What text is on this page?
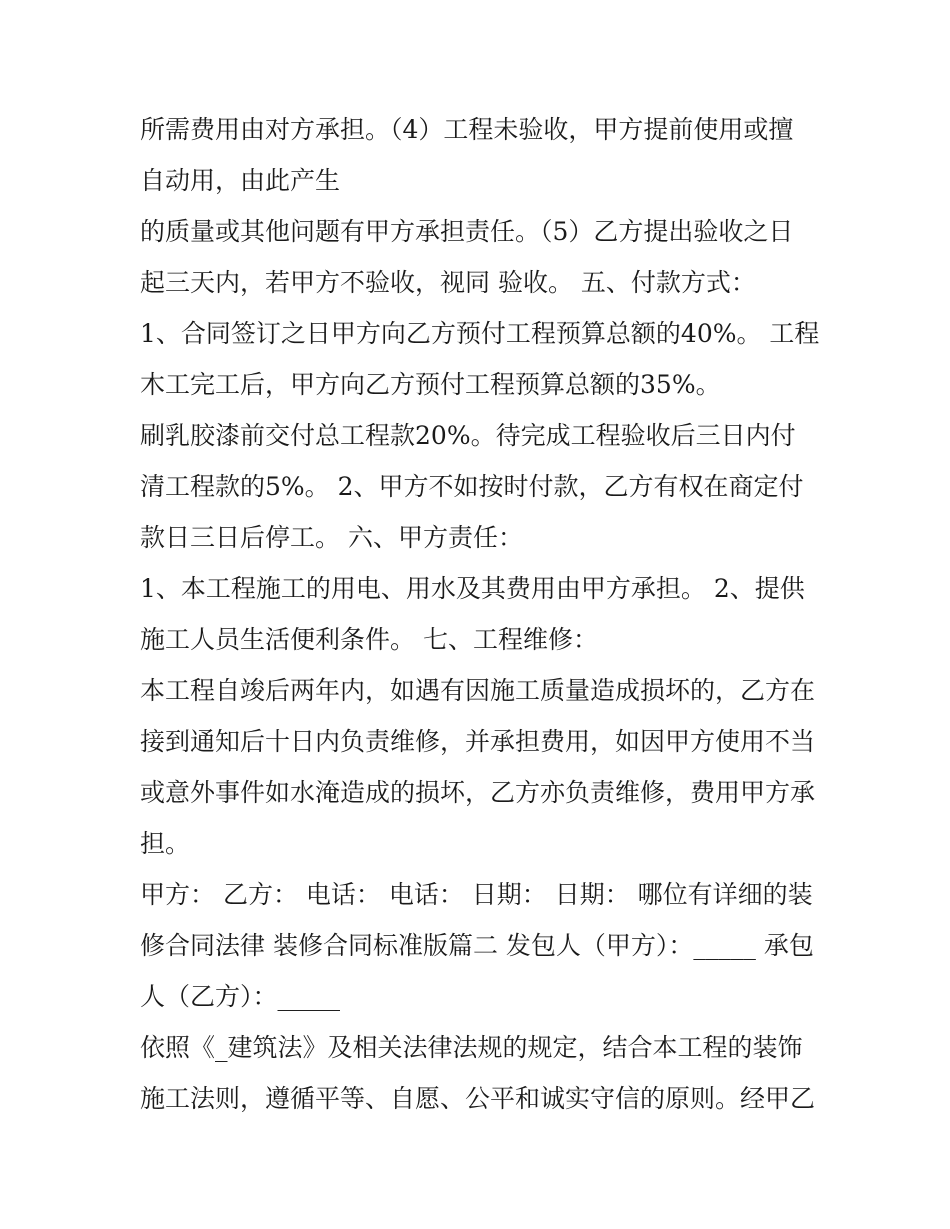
所需费用由对方承担。（4）工程未验收，甲方提前使用或擅
自动用，由此产生
的质量或其他问题有甲方承担责任。（5）乙方提出验收之日
起三天内，若甲方不验收，视同 验收。 五、付款方式：
1、合同签订之日甲方向乙方预付工程预算总额的40%。 工程
木工完工后，甲方向乙方预付工程预算总额的35%。
刷乳胶漆前交付总工程款20%。待完成工程验收后三日内付
清工程款的5%。 2、甲方不如按时付款，乙方有权在商定付
款日三日后停工。 六、甲方责任：
1、本工程施工的用电、用水及其费用由甲方承担。 2、提供
施工人员生活便利条件。 七、工程维修：
本工程自竣后两年内，如遇有因施工质量造成损坏的，乙方在
接到通知后十日内负责维修，并承担费用，如因甲方使用不当
或意外事件如水淹造成的损坏，乙方亦负责维修，费用甲方承
担。
甲方： 乙方： 电话： 电话： 日期： 日期： 哪位有详细的装
修合同法律 装修合同标准版篇二 发包人（甲方）：_____ 承包
人（乙方）：_____
依照《_建筑法》及相关法律法规的规定，结合本工程的装饰
施工法则，遵循平等、自愿、公平和诚实守信的原则。经甲乙
